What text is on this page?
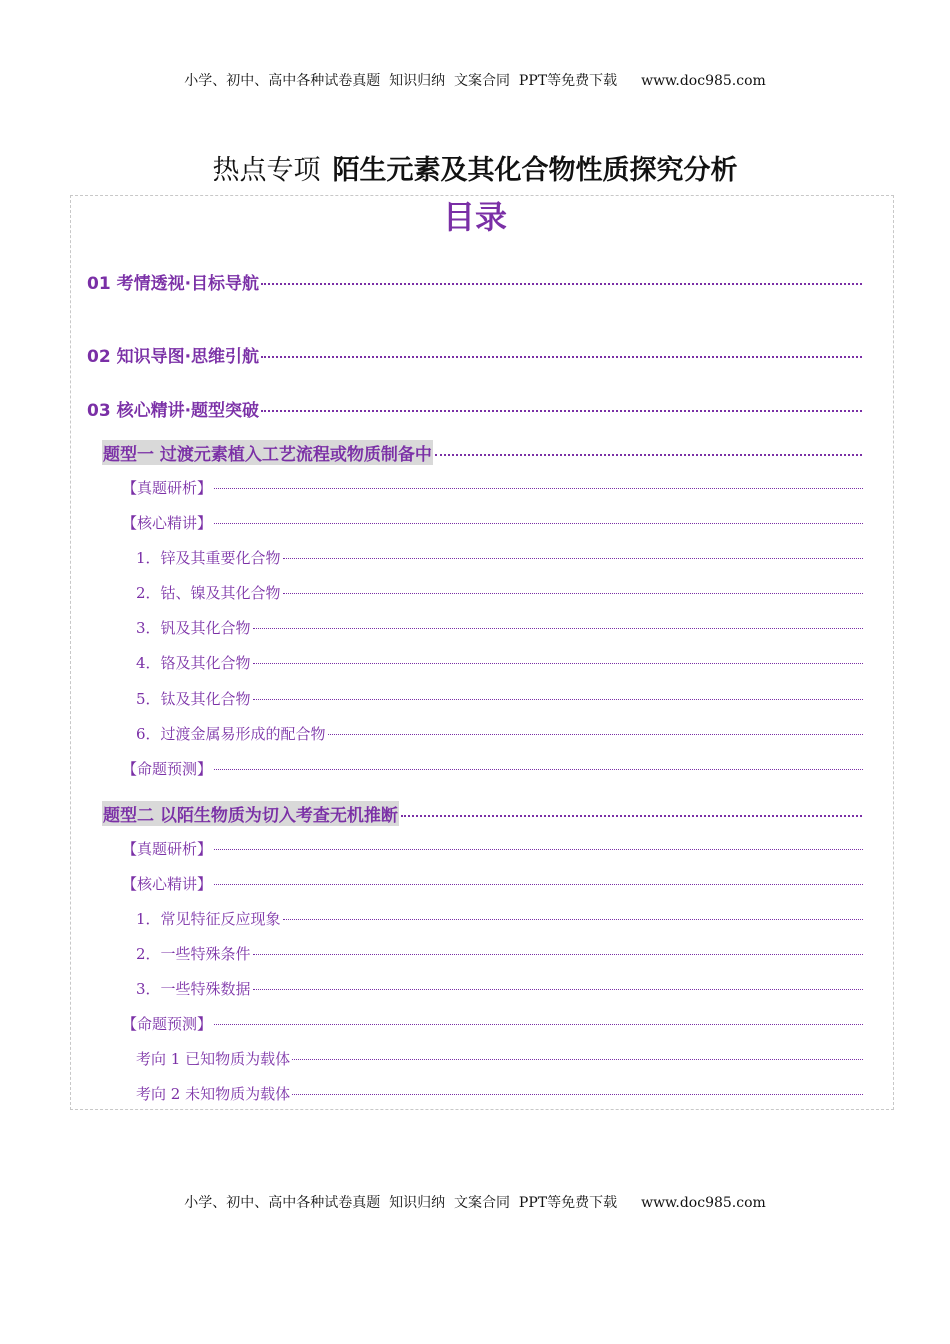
小学、初中、高中各种试卷真题  知识归纳  文案合同  PPT等免费下载 www.doc985.com
热点专项 陌生元素及其化合物性质探究分析
目录
01 考情透视·目标导航
02 知识导图·思维引航
03 核心精讲·题型突破
题型一 过渡元素植入工艺流程或物质制备中
【真题研析】
【核心精讲】
1．锌及其重要化合物
2．钴、镍及其化合物
3．钒及其化合物
4．铬及其化合物
5．钛及其化合物
6．过渡金属易形成的配合物
【命题预测】
题型二 以陌生物质为切入考查无机推断
【真题研析】
【核心精讲】
1．常见特征反应现象
2．一些特殊条件
3．一些特殊数据
【命题预测】
考向 1 已知物质为载体
考向 2 未知物质为载体
小学、初中、高中各种试卷真题  知识归纳  文案合同  PPT等免费下载 www.doc985.com
